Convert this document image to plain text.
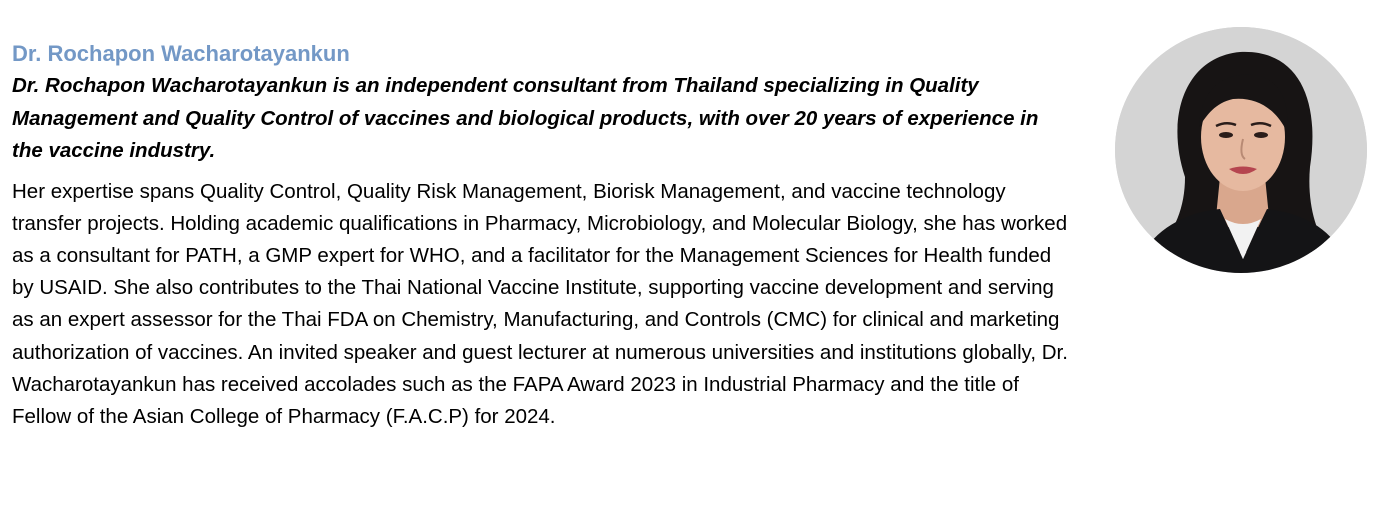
Dr. Rochapon Wacharotayankun
Dr. Rochapon Wacharotayankun is an independent consultant from Thailand specializing in Quality Management and Quality Control of vaccines and biological products, with over 20 years of experience in the vaccine industry.
Her expertise spans Quality Control, Quality Risk Management, Biorisk Management, and vaccine technology transfer projects. Holding academic qualifications in Pharmacy, Microbiology, and Molecular Biology, she has worked as a consultant for PATH, a GMP expert for WHO, and a facilitator for the Management Sciences for Health funded by USAID. She also contributes to the Thai National Vaccine Institute, supporting vaccine development and serving as an expert assessor for the Thai FDA on Chemistry, Manufacturing, and Controls (CMC) for clinical and marketing authorization of vaccines. An invited speaker and guest lecturer at numerous universities and institutions globally, Dr. Wacharotayankun has received accolades such as the FAPA Award 2023 in Industrial Pharmacy and the title of Fellow of the Asian College of Pharmacy (F.A.C.P) for 2024.
